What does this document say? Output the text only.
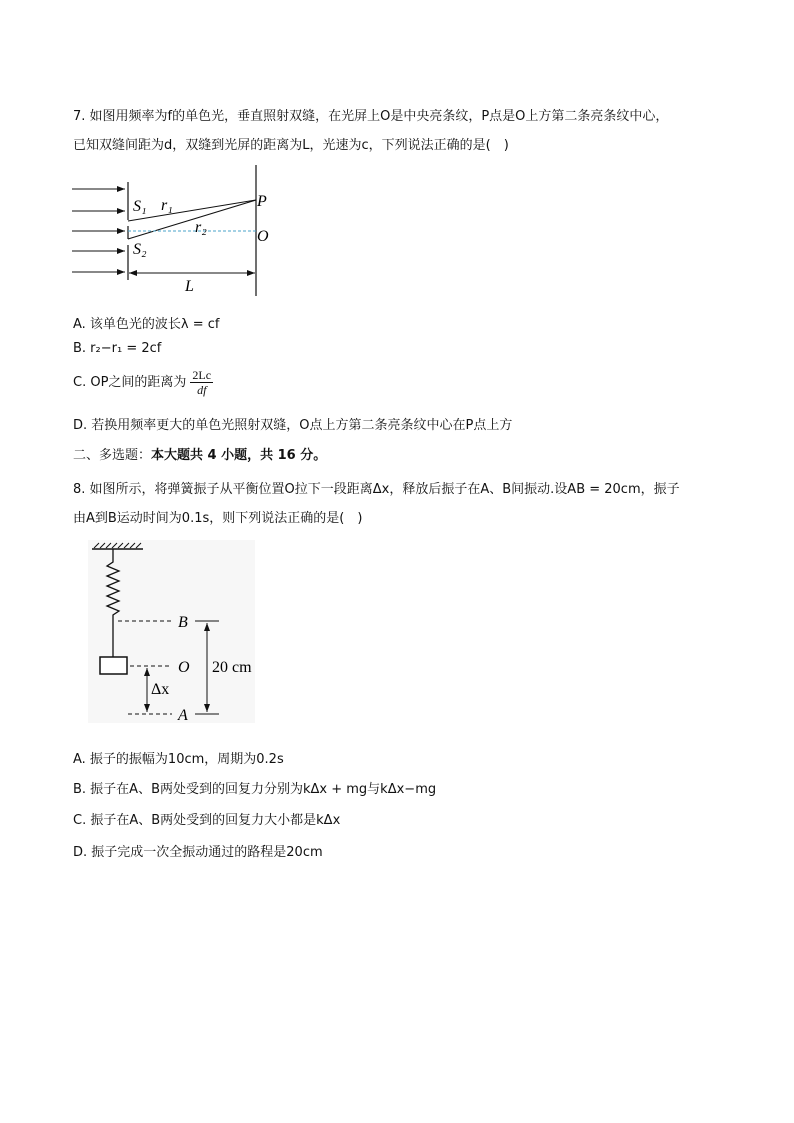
7. 如图用频率为f的单色光，垂直照射双缝，在光屏上O是中央亮条纹，P点是O上方第二条亮条纹中心，
已知双缝间距为d，双缝到光屏的距离为L，光速为c，下列说法正确的是(　)
S₁ r₁	P
r₂
O
S₂
L
B
O
A
Δx
20 cm
A. 该单色光的波长λ = cf
B. r₂−r₁ = 2cf
C. OP之间的距离为 $\frac{2Lc}{df}$
D. 若换用频率更大的单色光照射双缝，O点上方第二条亮条纹中心在P点上方
二、多选题：本大题共 4 小题，共 16 分。
8. 如图所示，将弹簧振子从平衡位置O拉下一段距离Δx，释放后振子在A、B间振动.设AB = 20cm，振子
由A到B运动时间为0.1s，则下列说法正确的是(　)
A. 振子的振幅为10cm，周期为0.2s
B. 振子在A、B两处受到的回复力分别为kΔx + mg与kΔx−mg
C. 振子在A、B两处受到的回复力大小都是kΔx
D. 振子完成一次全振动通过的路程是20cm
